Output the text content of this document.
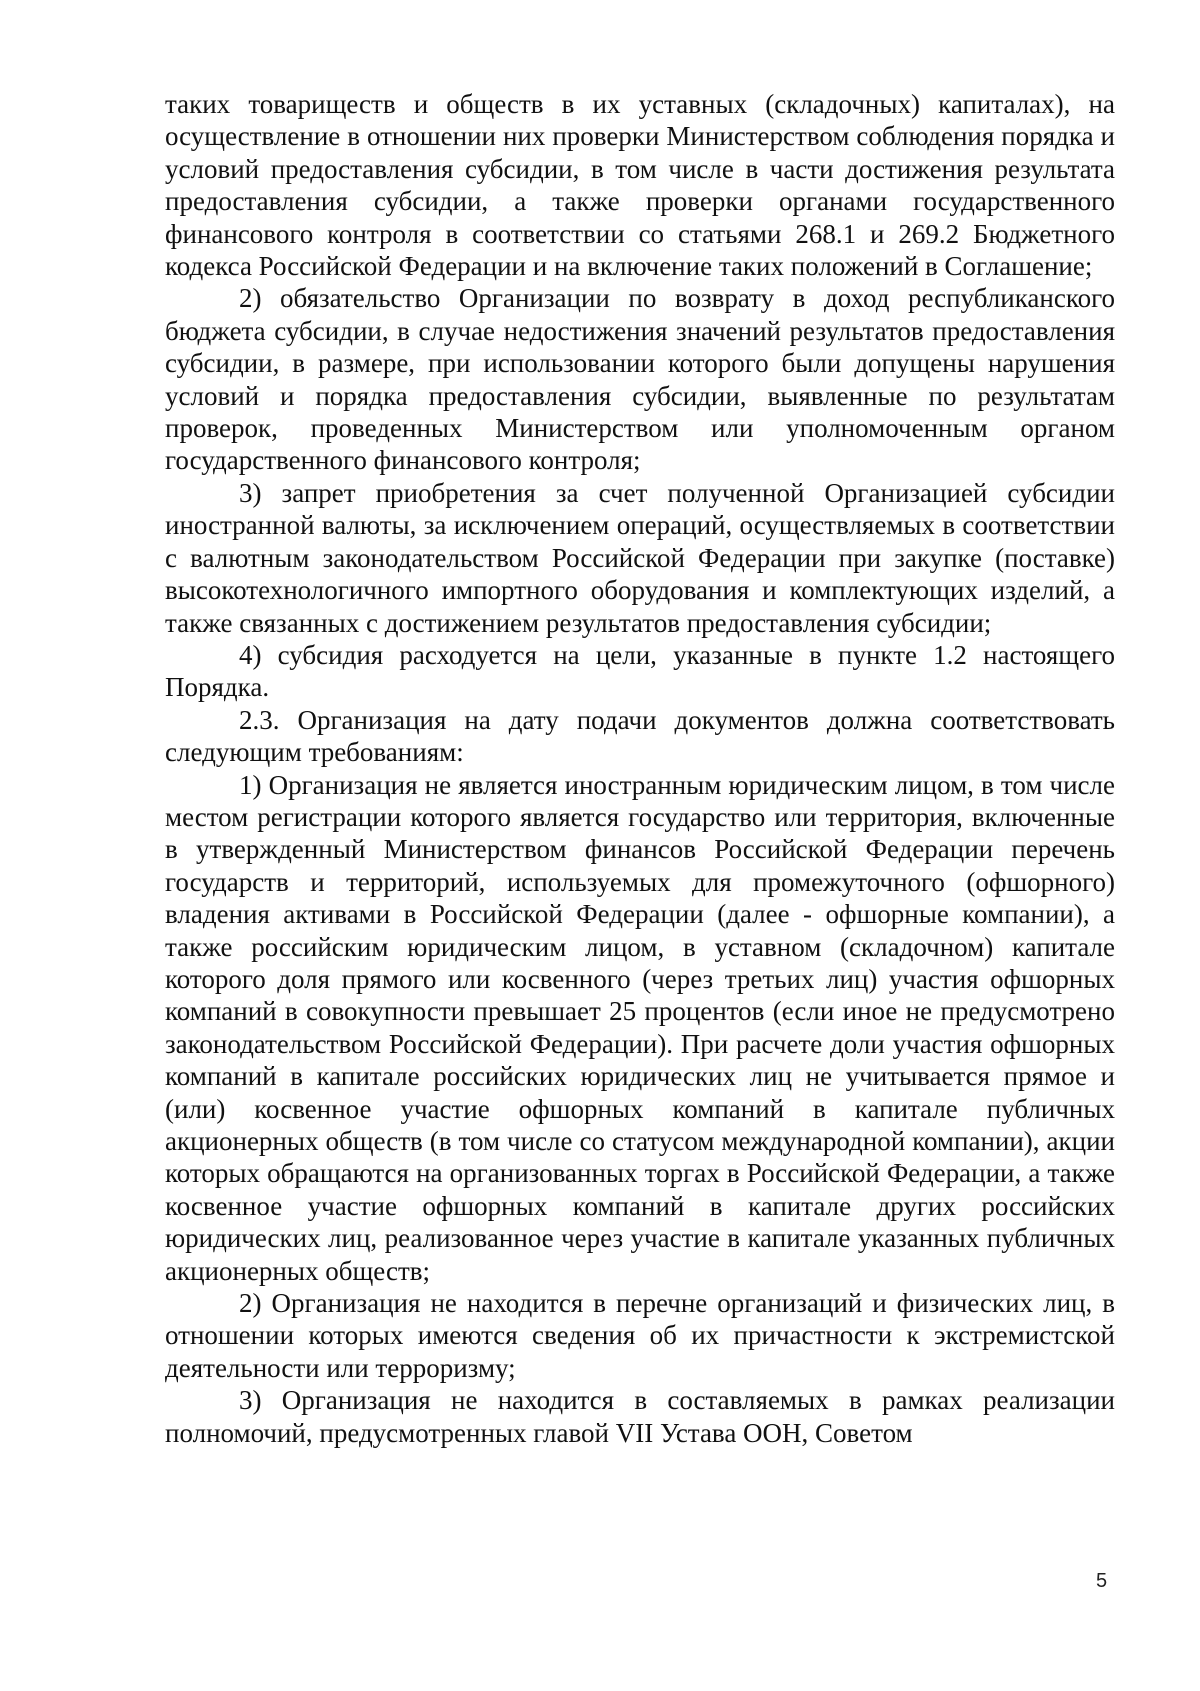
таких товариществ и обществ в их уставных (складочных) капиталах), на осуществление в отношении них проверки Министерством соблюдения порядка и условий предоставления субсидии, в том числе в части достижения результата предоставления субсидии, а также проверки органами государственного финансового контроля в соответствии со статьями 268.1 и 269.2 Бюджетного кодекса Российской Федерации и на включение таких положений в Соглашение;

2) обязательство Организации по возврату в доход республиканского бюджета субсидии, в случае недостижения значений результатов предоставления субсидии, в размере, при использовании которого были допущены нарушения условий и порядка предоставления субсидии, выявленные по результатам проверок, проведенных Министерством или уполномоченным органом государственного финансового контроля;

3) запрет приобретения за счет полученной Организацией субсидии иностранной валюты, за исключением операций, осуществляемых в соответствии с валютным законодательством Российской Федерации при закупке (поставке) высокотехнологичного импортного оборудования и комплектующих изделий, а также связанных с достижением результатов предоставления субсидии;

4) субсидия расходуется на цели, указанные в пункте 1.2 настоящего Порядка.

2.3. Организация на дату подачи документов должна соответствовать следующим требованиям:

1) Организация не является иностранным юридическим лицом, в том числе местом регистрации которого является государство или территория, включенные в утвержденный Министерством финансов Российской Федерации перечень государств и территорий, используемых для промежуточного (офшорного) владения активами в Российской Федерации (далее - офшорные компании), а также российским юридическим лицом, в уставном (складочном) капитале которого доля прямого или косвенного (через третьих лиц) участия офшорных компаний в совокупности превышает 25 процентов (если иное не предусмотрено законодательством Российской Федерации). При расчете доли участия офшорных компаний в капитале российских юридических лиц не учитывается прямое и (или) косвенное участие офшорных компаний в капитале публичных акционерных обществ (в том числе со статусом международной компании), акции которых обращаются на организованных торгах в Российской Федерации, а также косвенное участие офшорных компаний в капитале других российских юридических лиц, реализованное через участие в капитале указанных публичных акционерных обществ;

2) Организация не находится в перечне организаций и физических лиц, в отношении которых имеются сведения об их причастности к экстремистской деятельности или терроризму;

3) Организация не находится в составляемых в рамках реализации полномочий, предусмотренных главой VII Устава ООН, Советом

5
